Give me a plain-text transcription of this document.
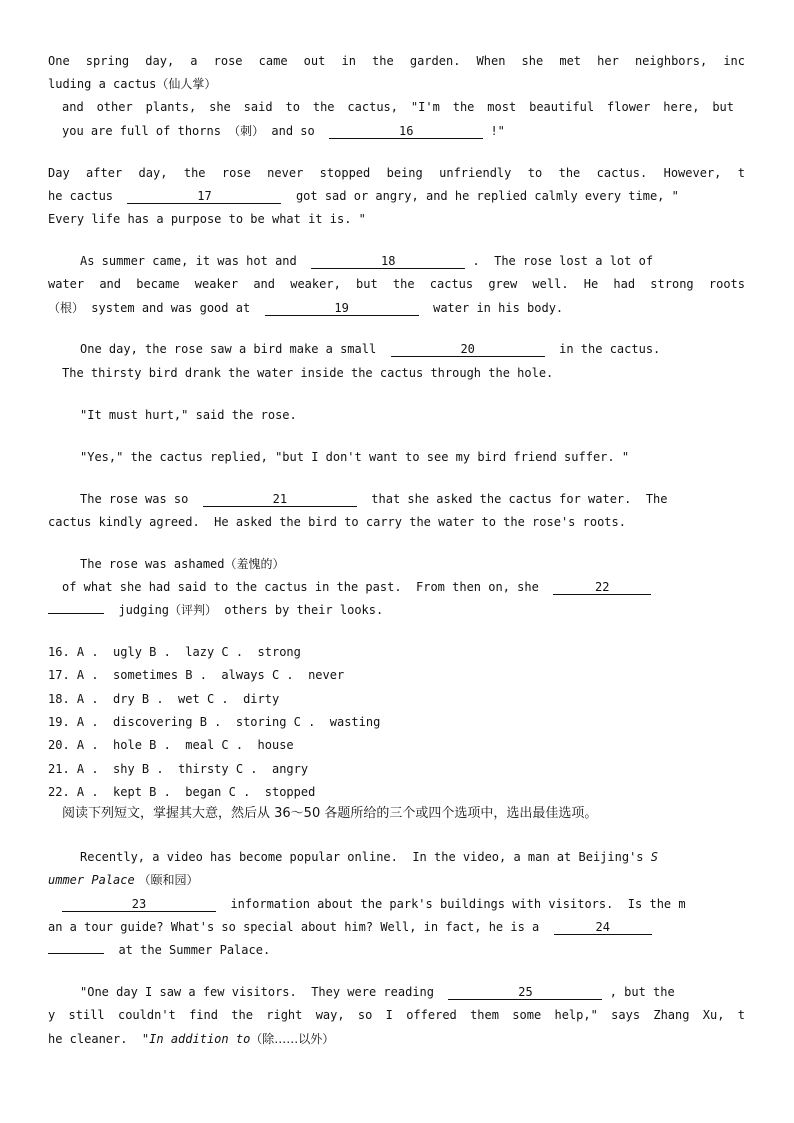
One spring day, a rose came out in the garden. When she met her neighbors, inc
luding a cactus（仙人掌）
and other plants, she said to the cactus, "I'm the most beautiful flower here, but
you are full of thorns （刺） and so	16	!"
Day after day, the rose never stopped being unfriendly to the cactus. However, t
he cactus	17	got sad or angry, and he replied calmly every time, "
Every life has a purpose to be what it is. "
As summer came, it was hot and	18	.  The rose lost a lot of
water and became weaker and weaker, but the cactus grew well. He had strong roots
（根） system and was good at	19	water in his body.
One day, the rose saw a bird make a small	20	in the cactus.
The thirsty bird drank the water inside the cactus through the hole.
"It must hurt," said the rose.
"Yes," the cactus replied, "but I don't want to see my bird friend suffer. "
The rose was so	21	that she asked the cactus for water.  The
cactus kindly agreed.  He asked the bird to carry the water to the rose's roots.
The rose was ashamed（羞愧的）
of what she had said to the cactus in the past.  From then on, she	22
judging（评判） others by their looks.
16. A .  ugly B .  lazy C .  strong
17. A .  sometimes B .  always C .  never
18. A .  dry B .  wet C .  dirty
19. A .  discovering B .  storing C .  wasting
20. A .  hole B .  meal C .  house
21. A .  shy B .  thirsty C .  angry
22. A .  kept B .  began C .  stopped
阅读下列短文，掌握其大意，然后从 36～50 各题所给的三个或四个选项中，选出最佳选项。
Recently, a video has become popular online.  In the video, a man at Beijing's S
ummer Palace （颐和园）
23	information about the park's buildings with visitors.  Is the m
an a tour guide? What's so special about him? Well, in fact, he is a	24
at the Summer Palace.
"One day I saw a few visitors.  They were reading	25	, but the
y still couldn't find the right way, so I offered them some help," says Zhang Xu, t
he cleaner.  "In addition to（除……以外）
